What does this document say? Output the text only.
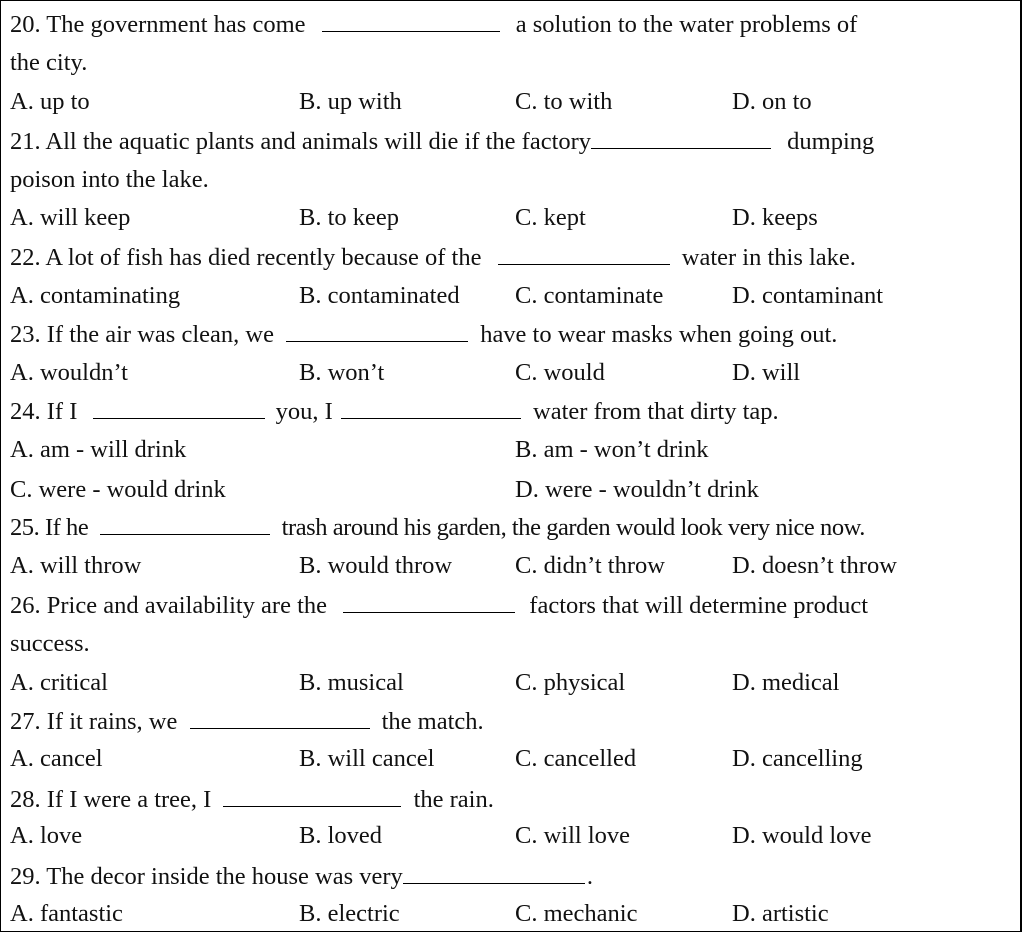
20. The government has come	a solution to the water problems of
the city.
A. up to	B. up with	C. to with	D. on to
21. All the aquatic plants and animals will die if the factory	dumping
poison into the lake.
A. will keep	B. to keep	C. kept	D. keeps
22. A lot of fish has died recently because of the	water in this lake.
A. contaminating	B. contaminated C. contaminate	D. contaminant
23. If the air was clean, we	have to wear masks when going out.
A. wouldn’t	B. won’t	C. would	D. will
24. If I	you, I	water from that dirty tap.
A. am - will drink	B. am - won’t drink
C. were - would drink	D. were - wouldn’t drink
25. If he	trash around his garden, the garden would look very nice now.
A. will throw	B. would throw	C. didn’t throw	D. doesn’t throw
26. Price and availability are the	factors that will determine product
success.
A. critical	B. musical	C. physical	D. medical
27. If it rains, we	the match.
A. cancel	B. will cancel	C. cancelled	D. cancelling
28. If I were a tree, I	the rain.
A. love	B. loved	C. will love	D. would love
29. The decor inside the house was very	.
A. fantastic	B. electric	C. mechanic	D. artistic
